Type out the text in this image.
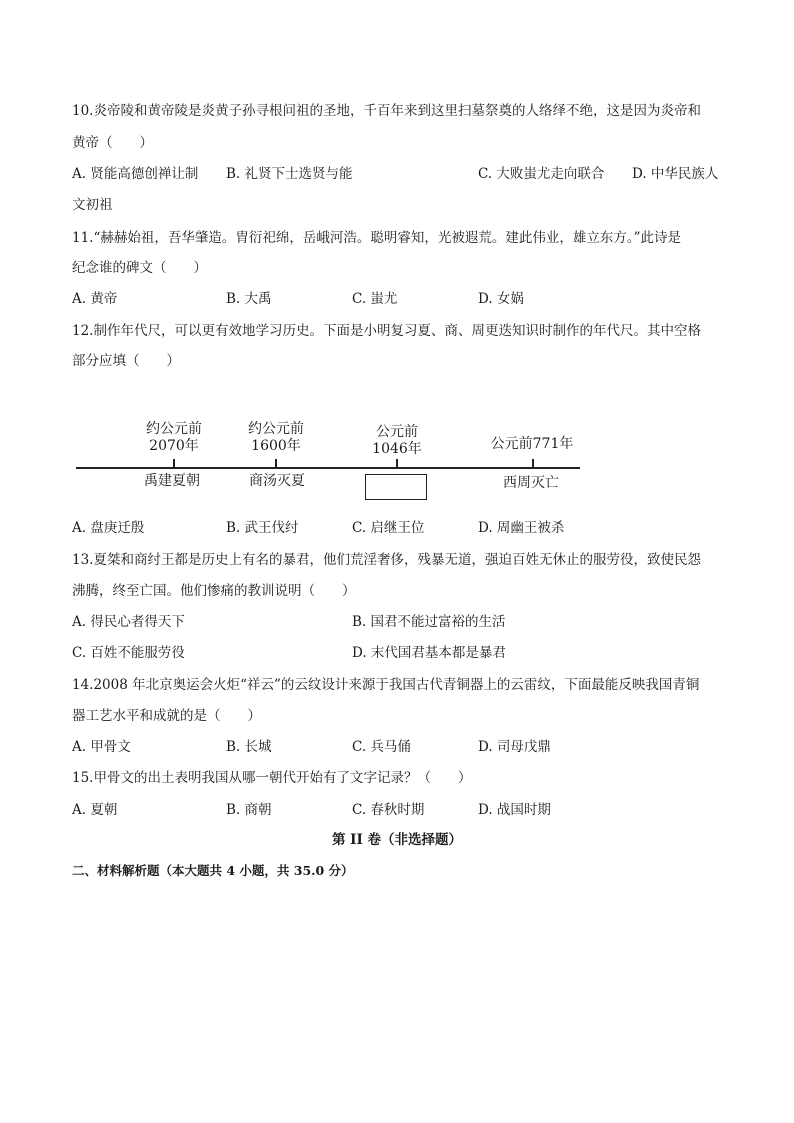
10.炎帝陵和黄帝陵是炎黄子孙寻根问祖的圣地，千百年来到这里扫墓祭奠的人络绎不绝，这是因为炎帝和
黄帝（　　）
A. 贤能高德创禅让制 B. 礼贤下士选贤与能	C. 大败蚩尤走向联合 D. 中华民族人
文初祖
11.“赫赫始祖，吾华肇造。胄衍祀绵，岳峨河浩。聪明睿知，光被遐荒。建此伟业，雄立东方。”此诗是
纪念谁的碑文（　　）
A. 黄帝	B. 大禹	C. 蚩尤	D. 女娲
12.制作年代尺，可以更有效地学习历史。下面是小明复习夏、商、周更迭知识时制作的年代尺。其中空格
部分应填（　　）
约公元前
2070年
约公元前
1600年
公元前
1046年	公元前771年
禹建夏朝	商汤灭夏	西周灭亡
A. 盘庚迁殷	B. 武王伐纣	C. 启继王位	D. 周幽王被杀
13.夏桀和商纣王都是历史上有名的暴君，他们荒淫奢侈，残暴无道，强迫百姓无休止的服劳役，致使民怨
沸腾，终至亡国。他们惨痛的教训说明（　　）
A. 得民心者得天下	B. 国君不能过富裕的生活
C. 百姓不能服劳役	D. 末代国君基本都是暴君
14.2008 年北京奥运会火炬“祥云”的云纹设计来源于我国古代青铜器上的云雷纹，下面最能反映我国青铜
器工艺水平和成就的是（　　）
A. 甲骨文	B. 长城	C. 兵马俑	D. 司母戊鼎
15.甲骨文的出土表明我国从哪一朝代开始有了文字记录？（　　）
A. 夏朝	B. 商朝	C. 春秋时期	D. 战国时期
第 II 卷（非选择题）
二、材料解析题（本大题共 4 小题，共 35.0 分）
